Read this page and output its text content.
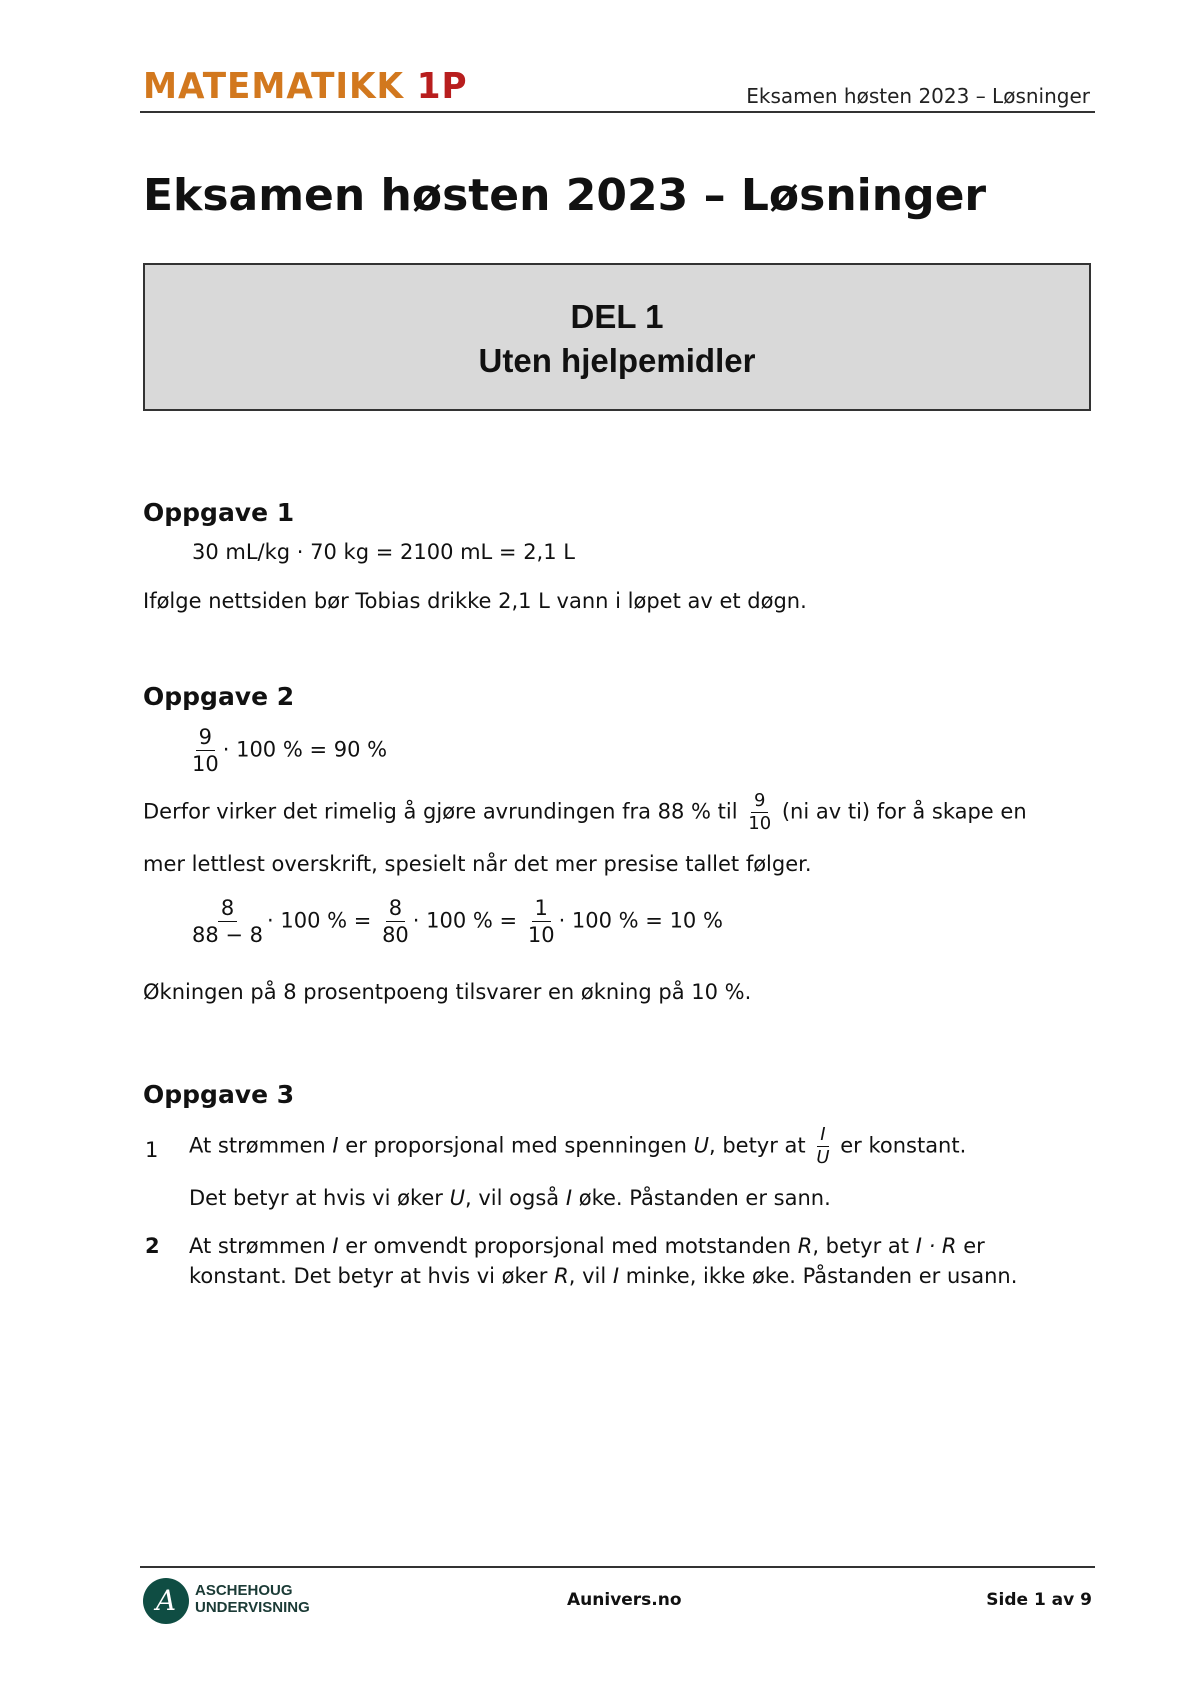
MATEMATIKK 1P	Eksamen høsten 2023 – Løsninger
Eksamen høsten 2023 – Løsninger
DEL 1
Uten hjelpemidler
Oppgave 1
30 mL/kg · 70 kg = 2100 mL = 2,1 L
Ifølge nettsiden bør Tobias drikke 2,1 L vann i løpet av et døgn.
Oppgave 2
$\frac{9}{10} \cdot 100$ % = 90 %
Derfor virker det rimelig å gjøre avrundingen fra 88 % til $\frac{9}{10} (ni$ av ti) for å skape en
mer lettlest overskrift, spesielt når det mer presise tallet følger.
$\frac{8}{88 - 8} \cdot 100$ % = $\frac{8}{80} \cdot 100$ % = $\frac{1}{10} \cdot 100$ % = 10 %
Økningen på 8 prosentpoeng tilsvarer en økning på 10 %.
Oppgave 3
1 At strømmen I er proporsjonal med spenningen U, betyr at $\frac{I}{U}$ er konstant.
Det betyr at hvis vi øker U, vil også I øke. Påstanden er sann.
2 At strømmen I er omvendt proporsjonal med motstanden R, betyr at I · R er
konstant. Det betyr at hvis vi øker R, vil I minke, ikke øke. Påstanden er usann.
A	ASCHEHOUG UNDERVISNING	Aunivers.no	Side 1 av 9
